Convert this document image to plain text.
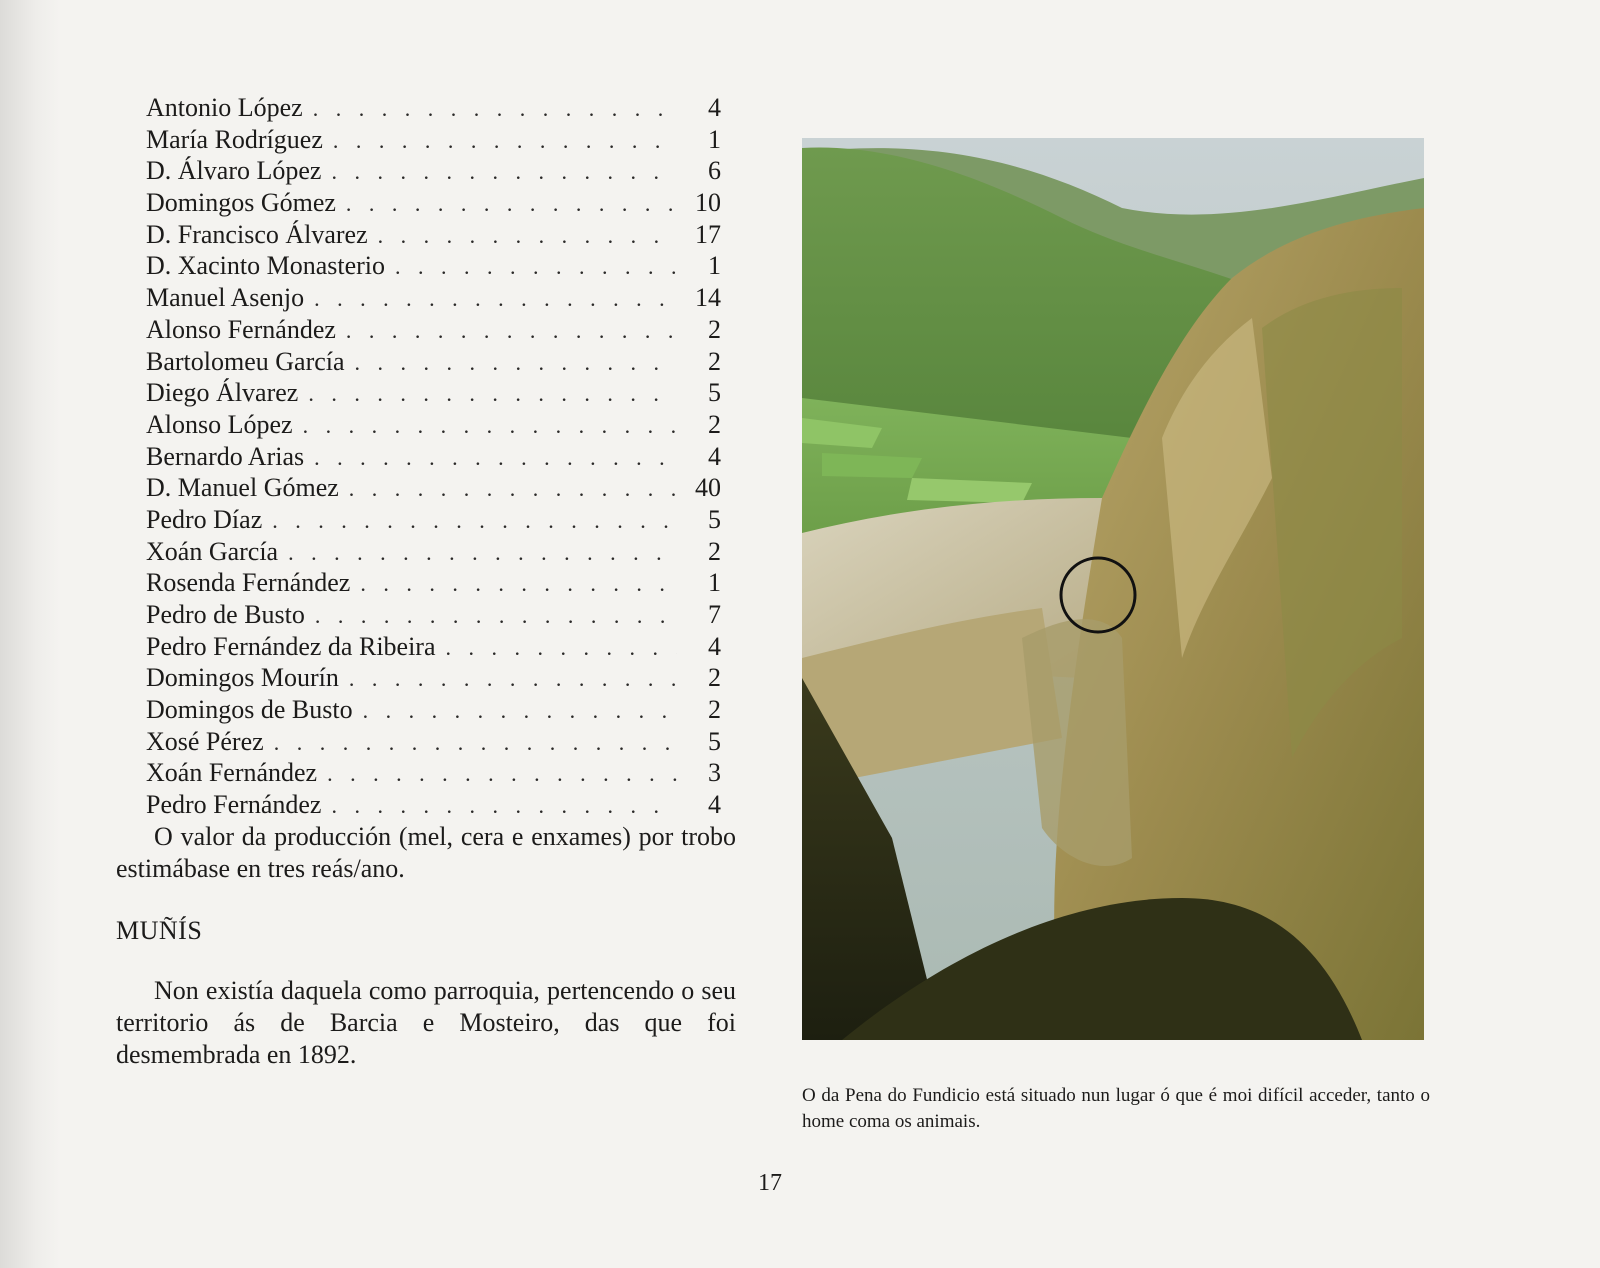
Antonio López . . .	4
María Rodríguez . . .	1
D. Álvaro López . . .	6
Domingos Gómez . . .	10
D. Francisco Álvarez . . .	17
D. Xacinto Monasterio . . .	1
Manuel Asenjo . . .	14
Alonso Fernández . . .	2
Bartolomeu García . . .	2
Diego Álvarez . . .	5
Alonso López . . .	2
Bernardo Arias . . .	4
D. Manuel Gómez . . .	40
Pedro Díaz . . .	5
Xoán García . . .	2
Rosenda Fernández . . .	1
Pedro de Busto . . .	7
Pedro Fernández da Ribeira . . .	4
Domingos Mourín . . .	2
Domingos de Busto . . .	2
Xosé Pérez . . .	5
Xoán Fernández . . .	3
Pedro Fernández . . .	4

O valor da producción (mel, cera e enxames) por trobo estimábase en tres reás/ano.

MUÑÍS

Non existía daquela como parroquia, pertencendo o seu territorio ás de Barcia e Mosteiro, das que foi desmembrada en 1892.

O da Pena do Fundicio está situado nun lugar ó que é moi difícil acceder, tanto o home coma os animais.

17
